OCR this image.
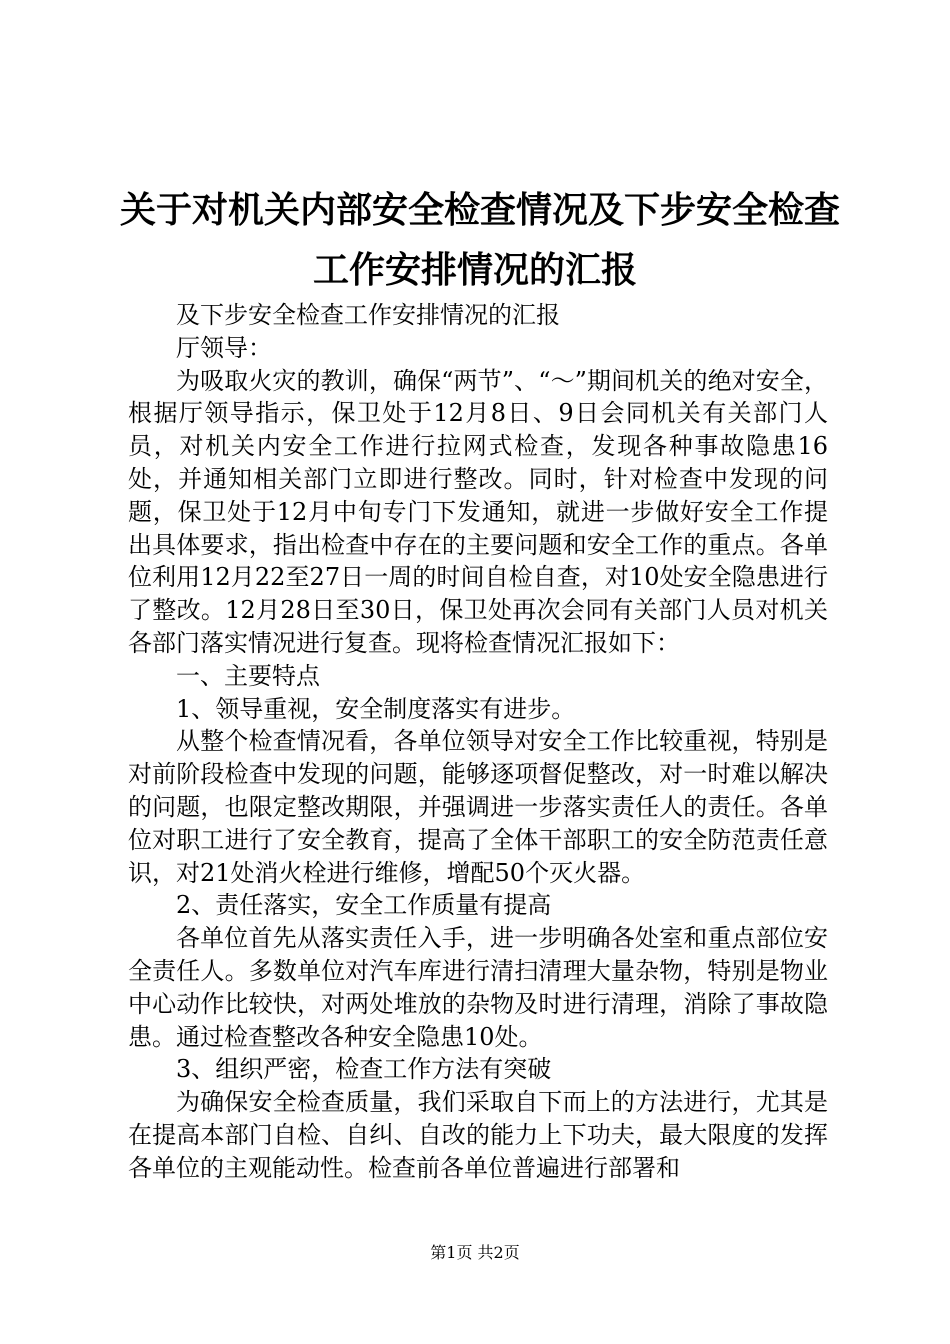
关于对机关内部安全检查情况及下步安全检查
工作安排情况的汇报

及下步安全检查工作安排情况的汇报

厅领导：

为吸取火灾的教训，确保“两节”、“～”期间机关的绝对安全，根据厅领导指示，保卫处于12月8日、9日会同机关有关部门人员，对机关内安全工作进行拉网式检查，发现各种事故隐患16处，并通知相关部门立即进行整改。同时，针对检查中发现的问题，保卫处于12月中旬专门下发通知，就进一步做好安全工作提出具体要求，指出检查中存在的主要问题和安全工作的重点。各单位利用12月22至27日一周的时间自检自查，对10处安全隐患进行了整改。12月28日至30日，保卫处再次会同有关部门人员对机关各部门落实情况进行复查。现将检查情况汇报如下：

一、主要特点

1、领导重视，安全制度落实有进步。

从整个检查情况看，各单位领导对安全工作比较重视，特别是对前阶段检查中发现的问题，能够逐项督促整改，对一时难以解决的问题，也限定整改期限，并强调进一步落实责任人的责任。各单位对职工进行了安全教育，提高了全体干部职工的安全防范责任意识，对21处消火栓进行维修，增配50个灭火器。

2、责任落实，安全工作质量有提高

各单位首先从落实责任入手，进一步明确各处室和重点部位安全责任人。多数单位对汽车库进行清扫清理大量杂物，特别是物业中心动作比较快，对两处堆放的杂物及时进行清理，消除了事故隐患。通过检查整改各种安全隐患10处。

3、组织严密，检查工作方法有突破

为确保安全检查质量，我们采取自下而上的方法进行，尤其是在提高本部门自检、自纠、自改的能力上下功夫，最大限度的发挥各单位的主观能动性。检查前各单位普遍进行部署和

第1页 共2页
